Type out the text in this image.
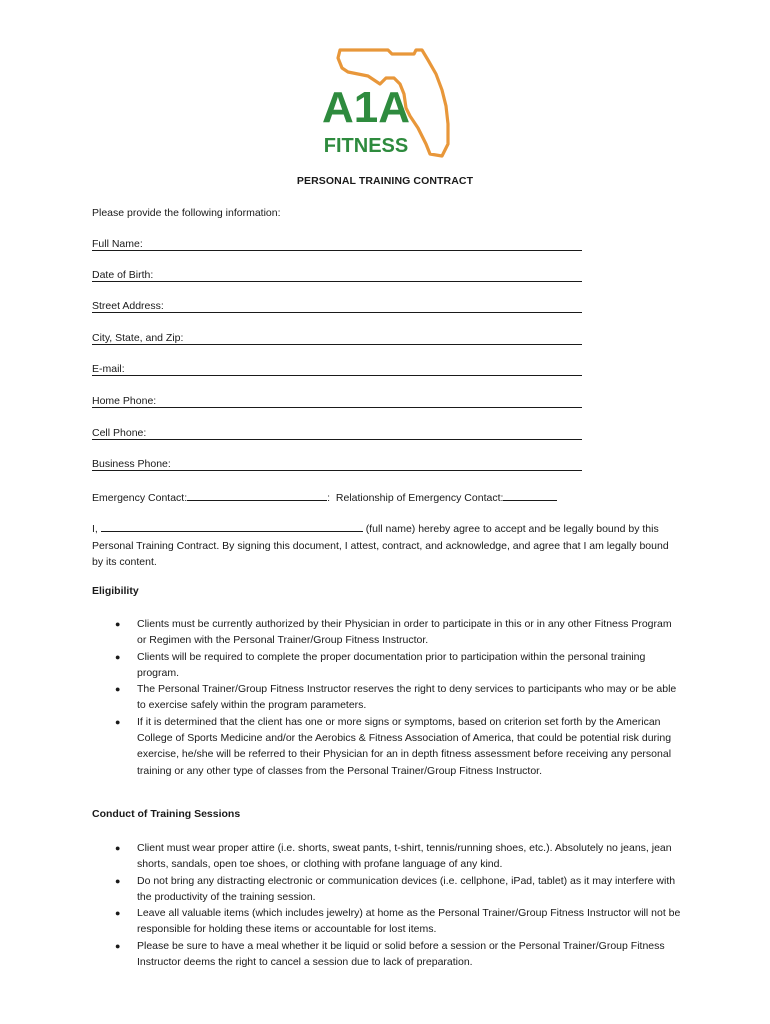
A1A
FITNESS
PERSONAL TRAINING CONTRACT
Please provide the following information:
Full Name:
Date of Birth:
Street Address:
City, State, and Zip:
E-mail:
Home Phone:
Cell Phone:
Business Phone:
Emergency Contact:	:  Relationship of Emergency Contact:
I,	(full name) hereby agree to accept and be legally bound by this Personal Training Contract. By signing this document, I attest, contract, and acknowledge, and agree that I am legally bound by its content.
Eligibility
● Clients must be currently authorized by their Physician in order to participate in this or in any other Fitness Program or Regimen with the Personal Trainer/Group Fitness Instructor.
● Clients will be required to complete the proper documentation prior to participation within the personal training program.
● The Personal Trainer/Group Fitness Instructor reserves the right to deny services to participants who may or be able to exercise safely within the program parameters.
● If it is determined that the client has one or more signs or symptoms, based on criterion set forth by the American College of Sports Medicine and/or the Aerobics & Fitness Association of America, that could be potential risk during exercise, he/she will be referred to their Physician for an in depth fitness assessment before receiving any personal training or any other type of classes from the Personal Trainer/Group Fitness Instructor.
Conduct of Training Sessions
● Client must wear proper attire (i.e. shorts, sweat pants, t-shirt, tennis/running shoes, etc.). Absolutely no jeans, jean shorts, sandals, open toe shoes, or clothing with profane language of any kind.
● Do not bring any distracting electronic or communication devices (i.e. cellphone, iPad, tablet) as it may interfere with the productivity of the training session.
● Leave all valuable items (which includes jewelry) at home as the Personal Trainer/Group Fitness Instructor will not be responsible for holding these items or accountable for lost items.
● Please be sure to have a meal whether it be liquid or solid before a session or the Personal Trainer/Group Fitness Instructor deems the right to cancel a session due to lack of preparation.
